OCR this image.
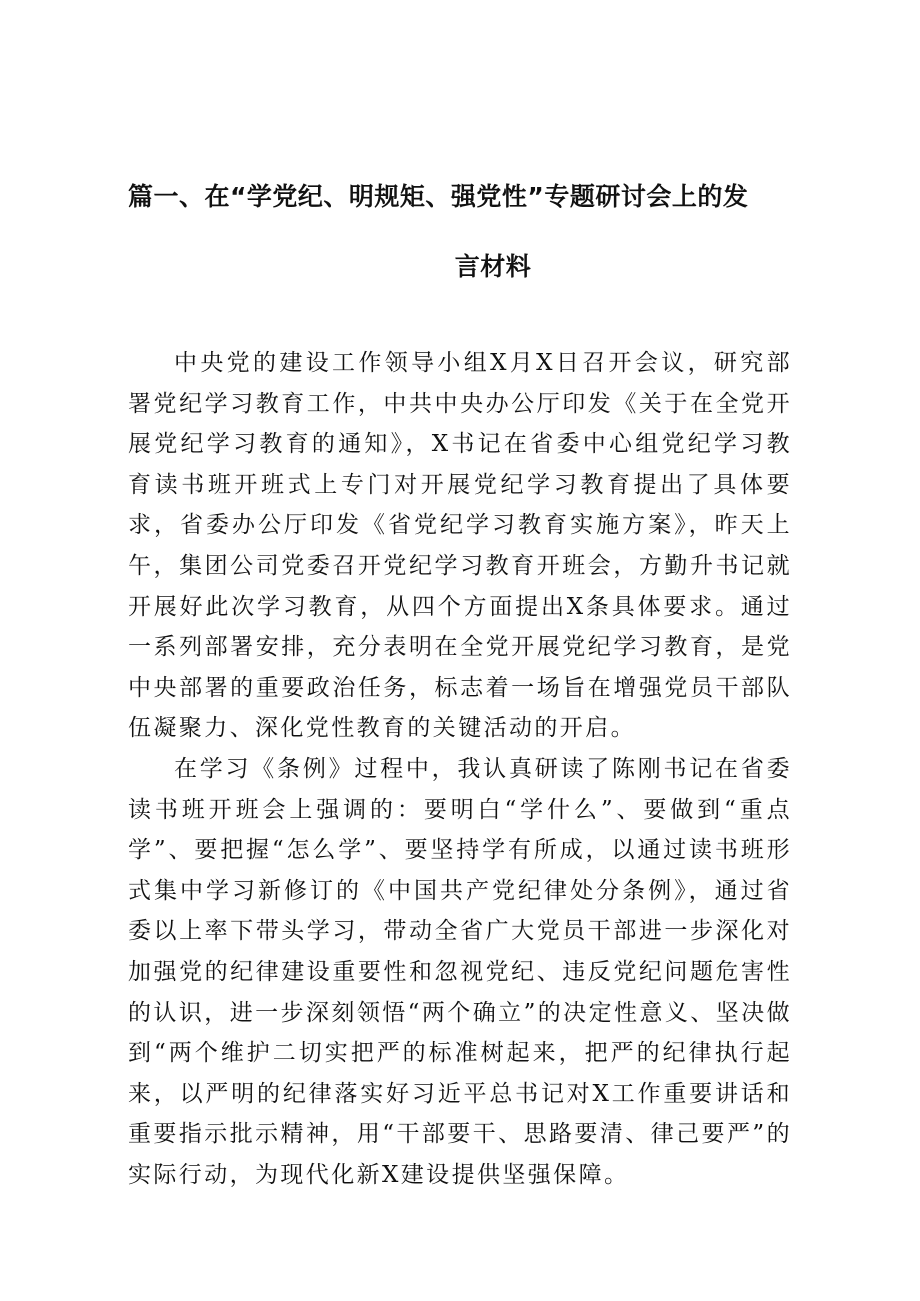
篇一、在“学党纪、明规矩、强党性”专题研讨会上的发
言材料

中央党的建设工作领导小组X月X日召开会议，研究部署党纪学习教育工作，中共中央办公厅印发《关于在全党开展党纪学习教育的通知》，X书记在省委中心组党纪学习教育读书班开班式上专门对开展党纪学习教育提出了具体要求，省委办公厅印发《省党纪学习教育实施方案》，昨天上午，集团公司党委召开党纪学习教育开班会，方勤升书记就开展好此次学习教育，从四个方面提出X条具体要求。通过一系列部署安排，充分表明在全党开展党纪学习教育，是党中央部署的重要政治任务，标志着一场旨在增强党员干部队伍凝聚力、深化党性教育的关键活动的开启。

在学习《条例》过程中，我认真研读了陈刚书记在省委读书班开班会上强调的：要明白“学什么”、要做到“重点学”、要把握“怎么学”、要坚持学有所成，以通过读书班形式集中学习新修订的《中国共产党纪律处分条例》，通过省委以上率下带头学习，带动全省广大党员干部进一步深化对加强党的纪律建设重要性和忽视党纪、违反党纪问题危害性的认识，进一步深刻领悟“两个确立”的决定性意义、坚决做到“两个维护二切实把严的标准树起来，把严的纪律执行起来，以严明的纪律落实好习近平总书记对X工作重要讲话和重要指示批示精神，用“干部要干、思路要清、律己要严”的实际行动，为现代化新X建设提供坚强保障。
